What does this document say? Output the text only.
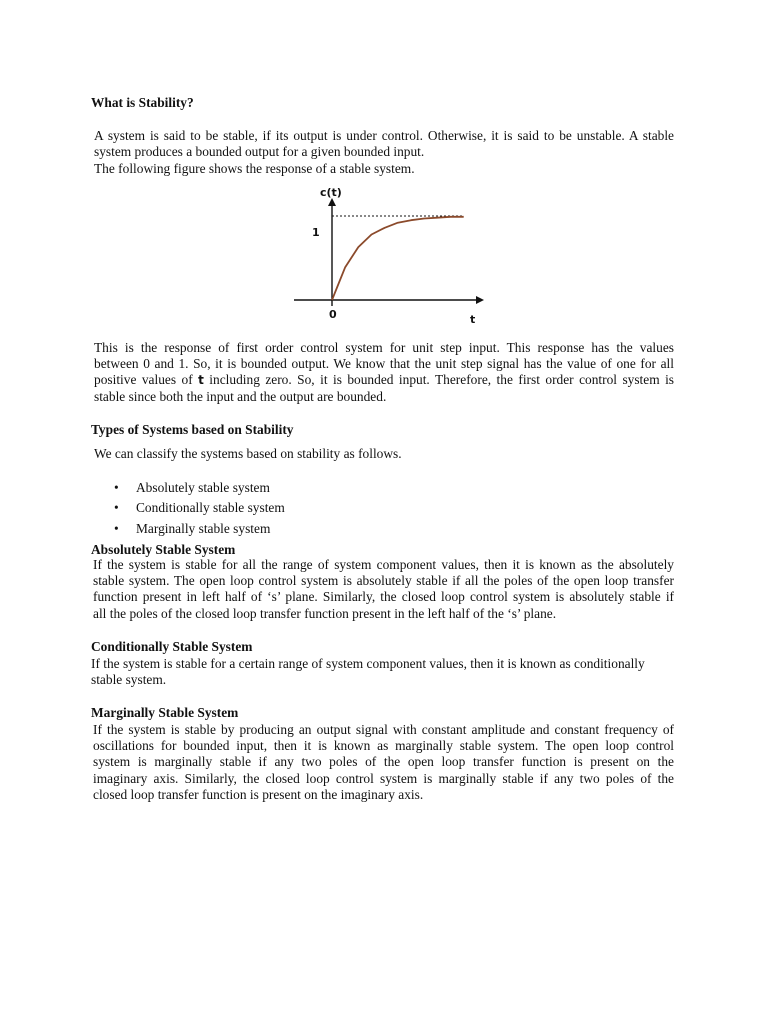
What is Stability?
A system is said to be stable, if its output is under control. Otherwise, it is said to be unstable. A stable
system produces a bounded output for a given bounded input.
The following figure shows the response of a stable system.
c(t)
t
0
1
This is the response of first order control system for unit step input. This response has the values
between 0 and 1. So, it is bounded output. We know that the unit step signal has the value of one for all
positive values of t including zero. So, it is bounded input. Therefore, the first order control system is
stable since both the input and the output are bounded.
Types of Systems based on Stability
We can classify the systems based on stability as follows.
• Absolutely stable system
• Conditionally stable system
• Marginally stable system
Absolutely Stable System
If the system is stable for all the range of system component values, then it is known as the absolutely
stable system. The open loop control system is absolutely stable if all the poles of the open loop transfer
function present in left half of ‘s’ plane. Similarly, the closed loop control system is absolutely stable if
all the poles of the closed loop transfer function present in the left half of the ‘s’ plane.
Conditionally Stable System
If the system is stable for a certain range of system component values, then it is known as conditionally
stable system.
Marginally Stable System
If the system is stable by producing an output signal with constant amplitude and constant frequency of
oscillations for bounded input, then it is known as marginally stable system. The open loop control
system is marginally stable if any two poles of the open loop transfer function is present on the
imaginary axis. Similarly, the closed loop control system is marginally stable if any two poles of the
closed loop transfer function is present on the imaginary axis.
